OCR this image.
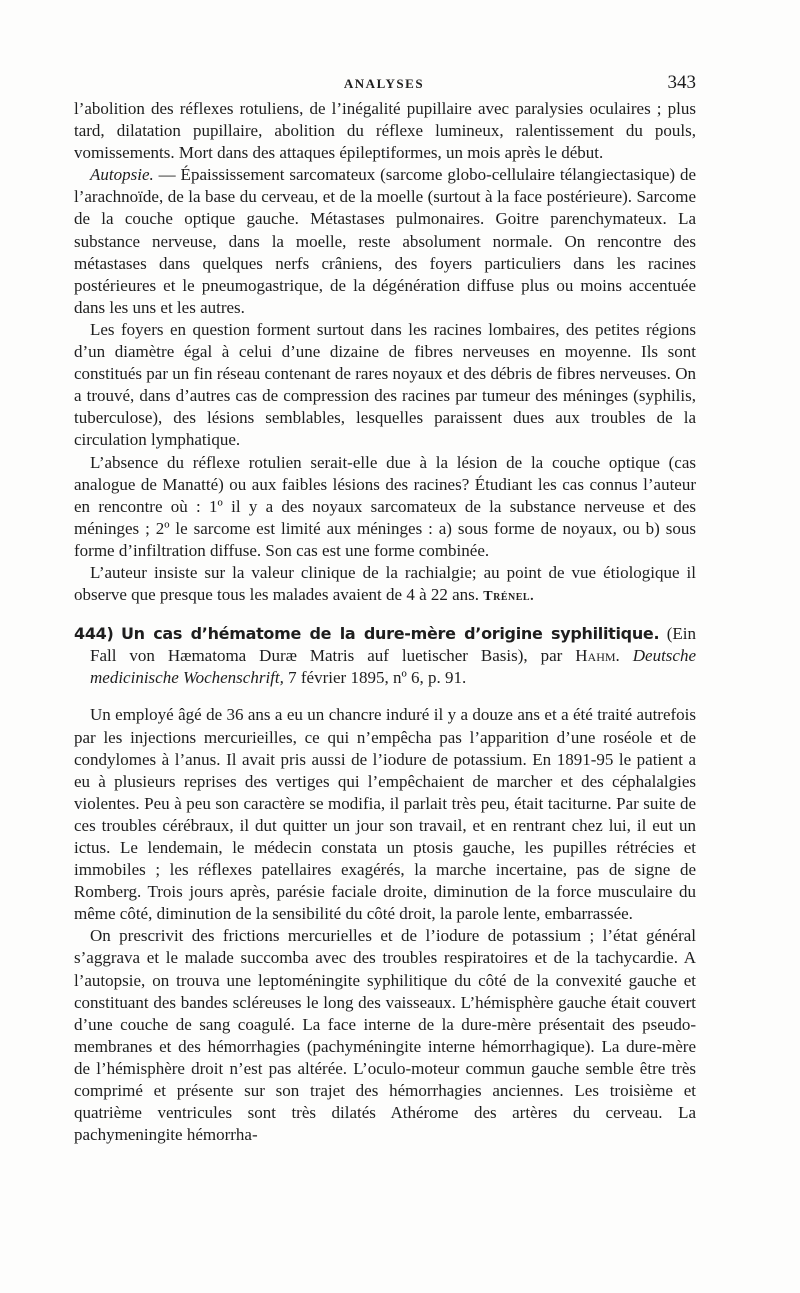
ANALYSES	343

l’abolition des réflexes rotuliens, de l’inégalité pupillaire avec paralysies oculaires ; plus tard, dilatation pupillaire, abolition du réflexe lumineux, ralentissement du pouls, vomissements. Mort dans des attaques épileptiformes, un mois après le début.

Autopsie. — Épaississement sarcomateux (sarcome globo-cellulaire télangiectasique) de l’arachnoïde, de la base du cerveau, et de la moelle (surtout à la face postérieure). Sarcome de la couche optique gauche. Métastases pulmonaires. Goitre parenchymateux. La substance nerveuse, dans la moelle, reste absolument normale. On rencontre des métastases dans quelques nerfs crâniens, des foyers particuliers dans les racines postérieures et le pneumogastrique, de la dégénération diffuse plus ou moins accentuée dans les uns et les autres.

Les foyers en question forment surtout dans les racines lombaires, des petites régions d’un diamètre égal à celui d’une dizaine de fibres nerveuses en moyenne. Ils sont constitués par un fin réseau contenant de rares noyaux et des débris de fibres nerveuses. On a trouvé, dans d’autres cas de compression des racines par tumeur des méninges (syphilis, tuberculose), des lésions semblables, lesquelles paraissent dues aux troubles de la circulation lymphatique.

L’absence du réflexe rotulien serait-elle due à la lésion de la couche optique (cas analogue de Manatté) ou aux faibles lésions des racines? Étudiant les cas connus l’auteur en rencontre où : 1º il y a des noyaux sarcomateux de la substance nerveuse et des méninges ; 2º le sarcome est limité aux méninges : a) sous forme de noyaux, ou b) sous forme d’infiltration diffuse. Son cas est une forme combinée.

L’auteur insiste sur la valeur clinique de la rachialgie; au point de vue étiologique il observe que presque tous les malades avaient de 4 à 22 ans. Trénel.

444) Un cas d’hématome de la dure-mère d’origine syphilitique. (Ein Fall von Hæmatoma Duræ Matris auf luetischer Basis), par Hahm. Deutsche medicinische Wochenschrift, 7 février 1895, nº 6, p. 91.

Un employé âgé de 36 ans a eu un chancre induré il y a douze ans et a été traité autrefois par les injections mercurieilles, ce qui n’empêcha pas l’apparition d’une roséole et de condylomes à l’anus. Il avait pris aussi de l’iodure de potassium. En 1891-95 le patient a eu à plusieurs reprises des vertiges qui l’empêchaient de marcher et des céphalalgies violentes. Peu à peu son caractère se modifia, il parlait très peu, était taciturne. Par suite de ces troubles cérébraux, il dut quitter un jour son travail, et en rentrant chez lui, il eut un ictus. Le lendemain, le médecin constata un ptosis gauche, les pupilles rétrécies et immobiles ; les réflexes patellaires exagérés, la marche incertaine, pas de signe de Romberg. Trois jours après, parésie faciale droite, diminution de la force musculaire du même côté, diminution de la sensibilité du côté droit, la parole lente, embarrassée.

On prescrivit des frictions mercurielles et de l’iodure de potassium ; l’état général s’aggrava et le malade succomba avec des troubles respiratoires et de la tachycardie. A l’autopsie, on trouva une leptoméningite syphilitique du côté de la convexité gauche et constituant des bandes scléreuses le long des vaisseaux. L’hémisphère gauche était couvert d’une couche de sang coagulé. La face interne de la dure-mère présentait des pseudo-membranes et des hémorrhagies (pachyméningite interne hémorrhagique). La dure-mère de l’hémisphère droit n’est pas altérée. L’oculo-moteur commun gauche semble être très comprimé et présente sur son trajet des hémorrhagies anciennes. Les troisième et quatrième ventricules sont très dilatés Athérome des artères du cerveau. La pachymeningite hémorrha-
